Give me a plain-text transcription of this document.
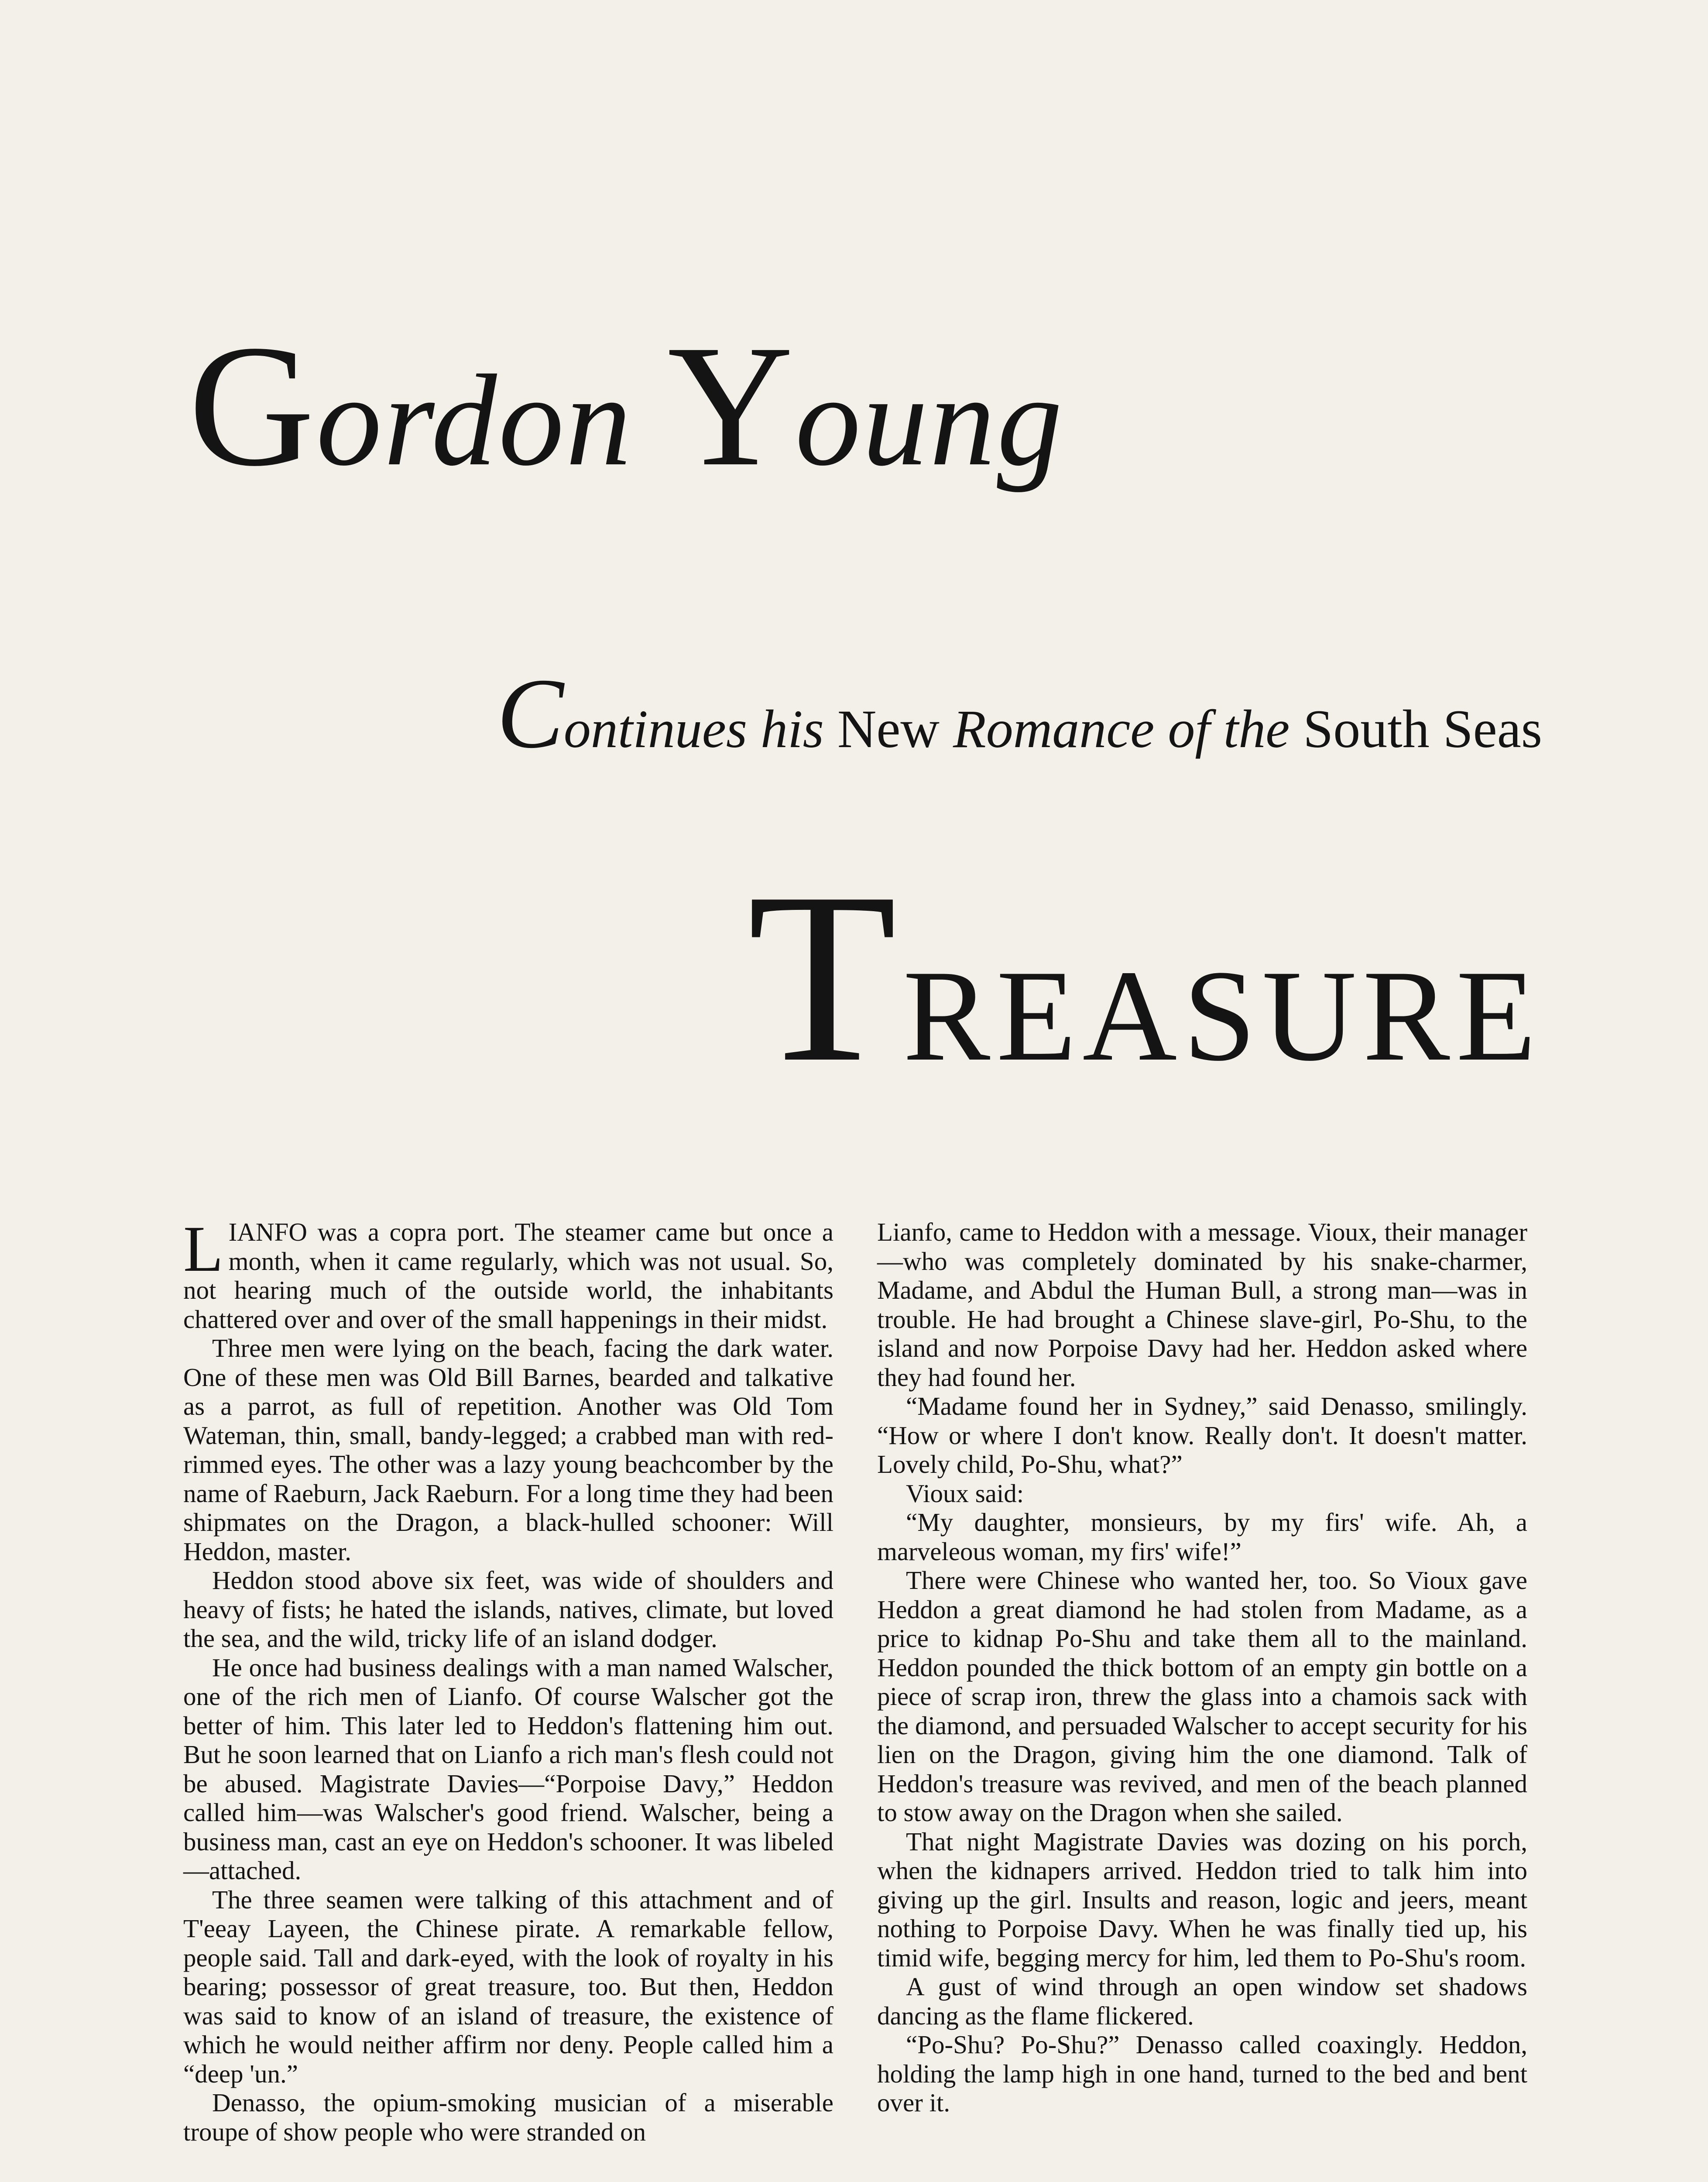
Gordon Young
Continues his New Romance of the South Seas
TREASURE

LIANFO was a copra port. The steamer came but once a month, when it came regularly, which was not usual. So, not hearing much of the outside world, the inhabitants chattered over and over of the small happenings in their midst.

Three men were lying on the beach, facing the dark water. One of these men was Old Bill Barnes, bearded and talkative as a parrot, as full of repetition. Another was Old Tom Wateman, thin, small, bandy-legged; a crabbed man with red-rimmed eyes. The other was a lazy young beachcomber by the name of Raeburn, Jack Raeburn. For a long time they had been shipmates on the Dragon, a black-hulled schooner: Will Heddon, master.

Heddon stood above six feet, was wide of shoulders and heavy of fists; he hated the islands, natives, climate, but loved the sea, and the wild, tricky life of an island dodger.

He once had business dealings with a man named Walscher, one of the rich men of Lianfo. Of course Walscher got the better of him. This later led to Heddon's flattening him out. But he soon learned that on Lianfo a rich man's flesh could not be abused. Magistrate Davies—“Porpoise Davy,” Heddon called him—was Walscher's good friend. Walscher, being a business man, cast an eye on Heddon's schooner. It was libeled—attached.

The three seamen were talking of this attachment and of T'eeay Layeen, the Chinese pirate. A remarkable fellow, people said. Tall and dark-eyed, with the look of royalty in his bearing; possessor of great treasure, too. But then, Heddon was said to know of an island of treasure, the existence of which he would neither affirm nor deny. People called him a “deep 'un.”

Denasso, the opium-smoking musician of a miserable troupe of show people who were stranded on

Lianfo, came to Heddon with a message. Vioux, their manager—who was completely dominated by his snake-charmer, Madame, and Abdul the Human Bull, a strong man—was in trouble. He had brought a Chinese slave-girl, Po-Shu, to the island and now Porpoise Davy had her. Heddon asked where they had found her.

“Madame found her in Sydney,” said Denasso, smilingly. “How or where I don't know. Really don't. It doesn't matter. Lovely child, Po-Shu, what?”

Vioux said:

“My daughter, monsieurs, by my firs' wife. Ah, a marveleous woman, my firs' wife!”

There were Chinese who wanted her, too. So Vioux gave Heddon a great diamond he had stolen from Madame, as a price to kidnap Po-Shu and take them all to the mainland. Heddon pounded the thick bottom of an empty gin bottle on a piece of scrap iron, threw the glass into a chamois sack with the diamond, and persuaded Walscher to accept security for his lien on the Dragon, giving him the one diamond. Talk of Heddon's treasure was revived, and men of the beach planned to stow away on the Dragon when she sailed.

That night Magistrate Davies was dozing on his porch, when the kidnapers arrived. Heddon tried to talk him into giving up the girl. Insults and reason, logic and jeers, meant nothing to Porpoise Davy. When he was finally tied up, his timid wife, begging mercy for him, led them to Po-Shu's room.

A gust of wind through an open window set shadows dancing as the flame flickered.

“Po-Shu? Po-Shu?” Denasso called coaxingly. Heddon, holding the lamp high in one hand, turned to the bed and bent over it.
